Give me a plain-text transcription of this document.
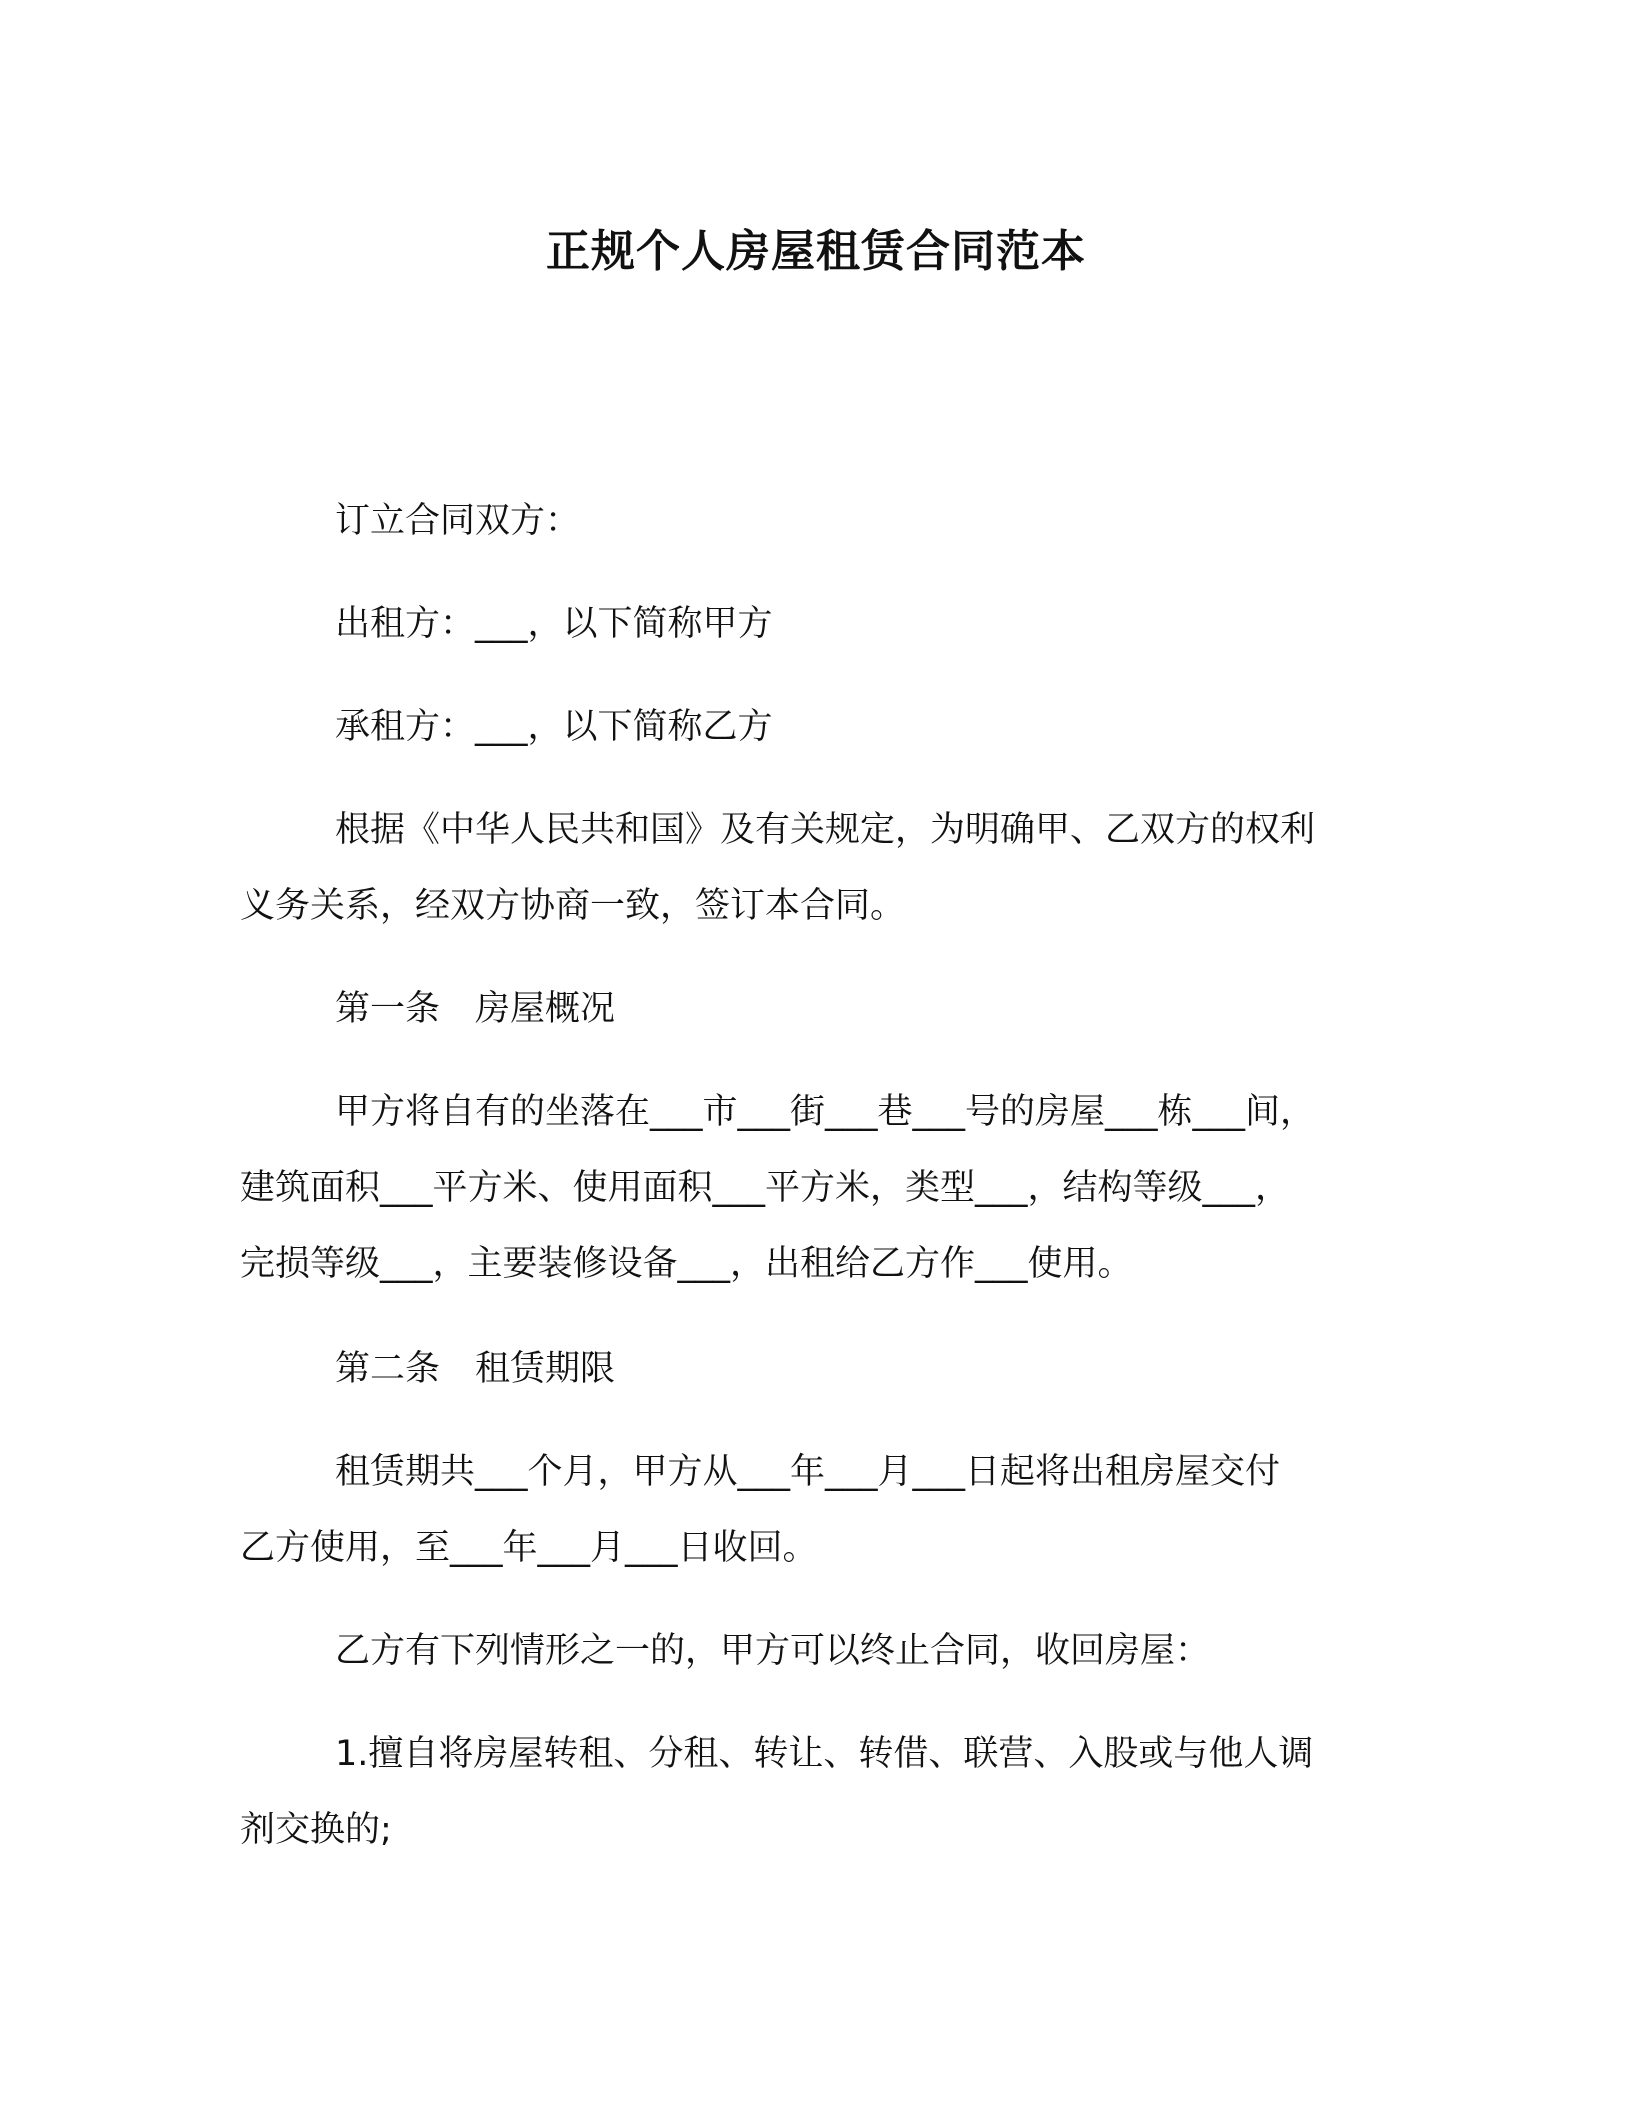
正规个人房屋租赁合同范本
订立合同双方：
出租方：___，以下简称甲方
承租方：___，以下简称乙方
根据《中华人民共和国》及有关规定，为明确甲、乙双方的权利
义务关系，经双方协商一致，签订本合同。
第一条　房屋概况
甲方将自有的坐落在___市___街___巷___号的房屋___栋___间，
建筑面积___平方米、使用面积___平方米，类型___，结构等级___，
完损等级___，主要装修设备___，出租给乙方作___使用。
第二条　租赁期限
租赁期共___个月，甲方从___年___月___日起将出租房屋交付
乙方使用，至___年___月___日收回。
乙方有下列情形之一的，甲方可以终止合同，收回房屋：
1.擅自将房屋转租、分租、转让、转借、联营、入股或与他人调
剂交换的;
